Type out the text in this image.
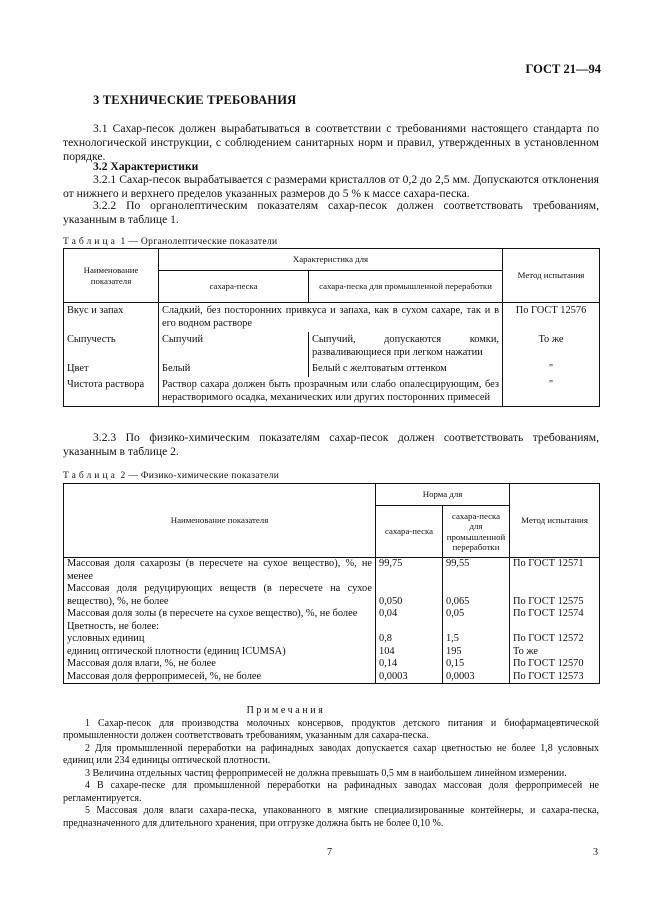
ГОСТ 21—94
3 ТЕХНИЧЕСКИЕ ТРЕБОВАНИЯ
3.1 Сахар-песок должен вырабатываться в соответствии с требованиями настоящего стандарта по технологической инструкции, с соблюдением санитарных норм и правил, утвержденных в установленном порядке.
3.2 Характеристики
3.2.1 Сахар-песок вырабатывается с размерами кристаллов от 0,2 до 2,5 мм. Допускаются отклонения от нижнего и верхнего пределов указанных размеров до 5 % к массе сахара-песка.
3.2.2 По органолептическим показателям сахар-песок должен соответствовать требованиям, указанным в таблице 1.
Таблица 1 — Органолептические показатели
Наименование показателя	Характеристика для		Метод испытания
	сахара-песка	сахара-песка для промышленной переработки	
Вкус и запах	Сладкий, без посторонних привкуса и запаха, как в сухом сахаре, так и в его водном растворе		По ГОСТ 12576
Сыпучесть	Сыпучий	Сыпучий, допускаются комки, разваливающиеся при легком нажатии	То же
Цвет	Белый	Белый с желтоватым оттенком	"
Чистота раствора	Раствор сахара должен быть прозрачным или слабо опалесцирующим, без нерастворимого осадка, механических или других посторонних примесей		"
3.2.3 По физико-химическим показателям сахар-песок должен соответствовать требованиям, указанным в таблице 2.
Таблица 2 — Физико-химические показатели
Наименование показателя	Норма для		Метод испытания
	сахара-песка	сахара-песка для промышленной переработки	
Массовая доля сахарозы (в пересчете на сухое вещество), %, не менее	99,75	99,55	По ГОСТ 12571
Массовая доля редуцирующих веществ (в пересчете на сухое вещество), %, не более	0,050	0,065	По ГОСТ 12575
Массовая доля золы (в пересчете на сухое вещество), %, не более	0,04	0,05	По ГОСТ 12574
Цветность, не более:			
условных единиц	0,8	1,5	По ГОСТ 12572
единиц оптической плотности (единиц ICUMSA)	104	195	То же
Массовая доля влаги, %, не более	0,14	0,15	По ГОСТ 12570
Массовая доля ферропримесей, %, не более	0,0003	0,0003	По ГОСТ 12573
Примечания
1 Сахар-песок для производства молочных консервов, продуктов детского питания и биофармацевтической промышленности должен соответствовать требованиям, указанным для сахара-песка.
2 Для промышленной переработки на рафинадных заводах допускается сахар цветностью не более 1,8 условных единиц или 234 единицы оптической плотности.
3 Величина отдельных частиц ферропримесей не должна превышать 0,5 мм в наибольшем линейном измерении.
4 В сахаре-песке для промышленной переработки на рафинадных заводах массовая доля ферропримесей не регламентируется.
5 Массовая доля влаги сахара-песка, упакованного в мягкие специализированные контейнеры, и сахара-песка, предназначенного для длительного хранения, при отгрузке должна быть не более 0,10 %.
7	3
